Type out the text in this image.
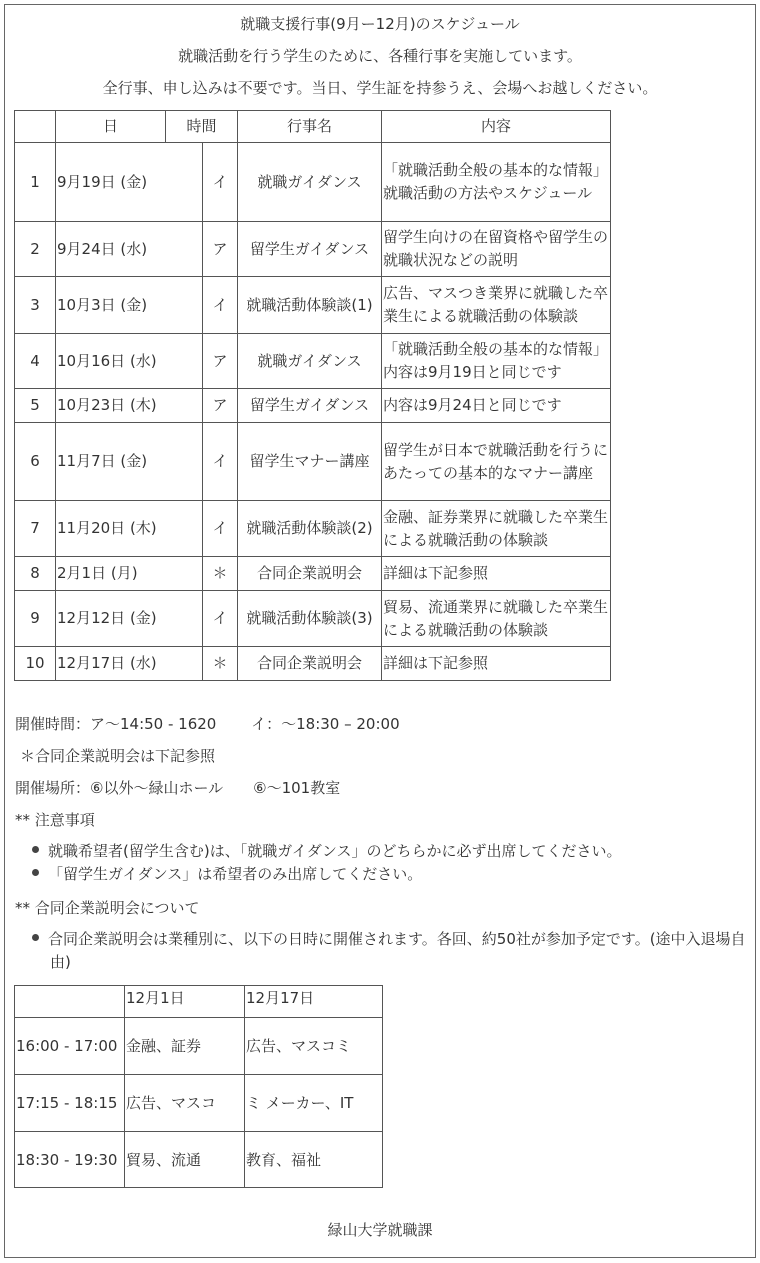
就職支援行事(9月ー12月)のスケジュール
就職活動を行う学生のために、各種行事を実施しています。
全行事、申し込みは不要です。当日、学生証を持参うえ、会場へお越しください。
	日	時間		行事名	内容
1	9月19日 (金)		イ	就職ガイダンス	「就職活動全般の基本的な情報」就職活動の方法やスケジュール
2	9月24日 (水)		ア	留学生ガイダンス	留学生向けの在留資格や留学生の就職状況などの説明
3	10月3日 (金)		イ	就職活動体験談(1)	広告、マスつき業界に就職した卒業生による就職活動の体験談
4	10月16日 (水)		ア	就職ガイダンス	「就職活動全般の基本的な情報」内容は9月19日と同じです
5	10月23日 (木)		ア	留学生ガイダンス	内容は9月24日と同じです
6	11月7日 (金)		イ	留学生マナー講座	留学生が日本で就職活動を行うにあたっての基本的なマナー講座
7	11月20日 (木)		イ	就職活動体験談(2)	金融、証券業界に就職した卒業生による就職活動の体験談
8	2月1日 (月)		＊	合同企業説明会	詳細は下記参照
9	12月12日 (金)		イ	就職活動体験談(3)	貿易、流通業界に就職した卒業生による就職活動の体験談
10	12月17日 (水)		＊	合同企業説明会	詳細は下記参照
開催時間：ア～14:50 - 1620　　 イ：～18:30 – 20:00
＊合同企業説明会は下記参照
開催場所：⑥以外～緑山ホール　　⑥～101教室
** 注意事項
就職希望者(留学生含む)は、「就職ガイダンス」のどちらかに必ず出席してください。
「留学生ガイダンス」は希望者のみ出席してください。
** 合同企業説明会について
合同企業説明会は業種別に、以下の日時に開催されます。各回、約50社が参加予定です。(途中入退場自由)
	12月1日	12月17日
16:00 - 17:00	金融、証券	広告、マスコミ
17:15 - 18:15	広告、マスコ	ミ メーカー、IT
18:30 - 19:30	貿易、流通	教育、福祉
緑山大学就職課
